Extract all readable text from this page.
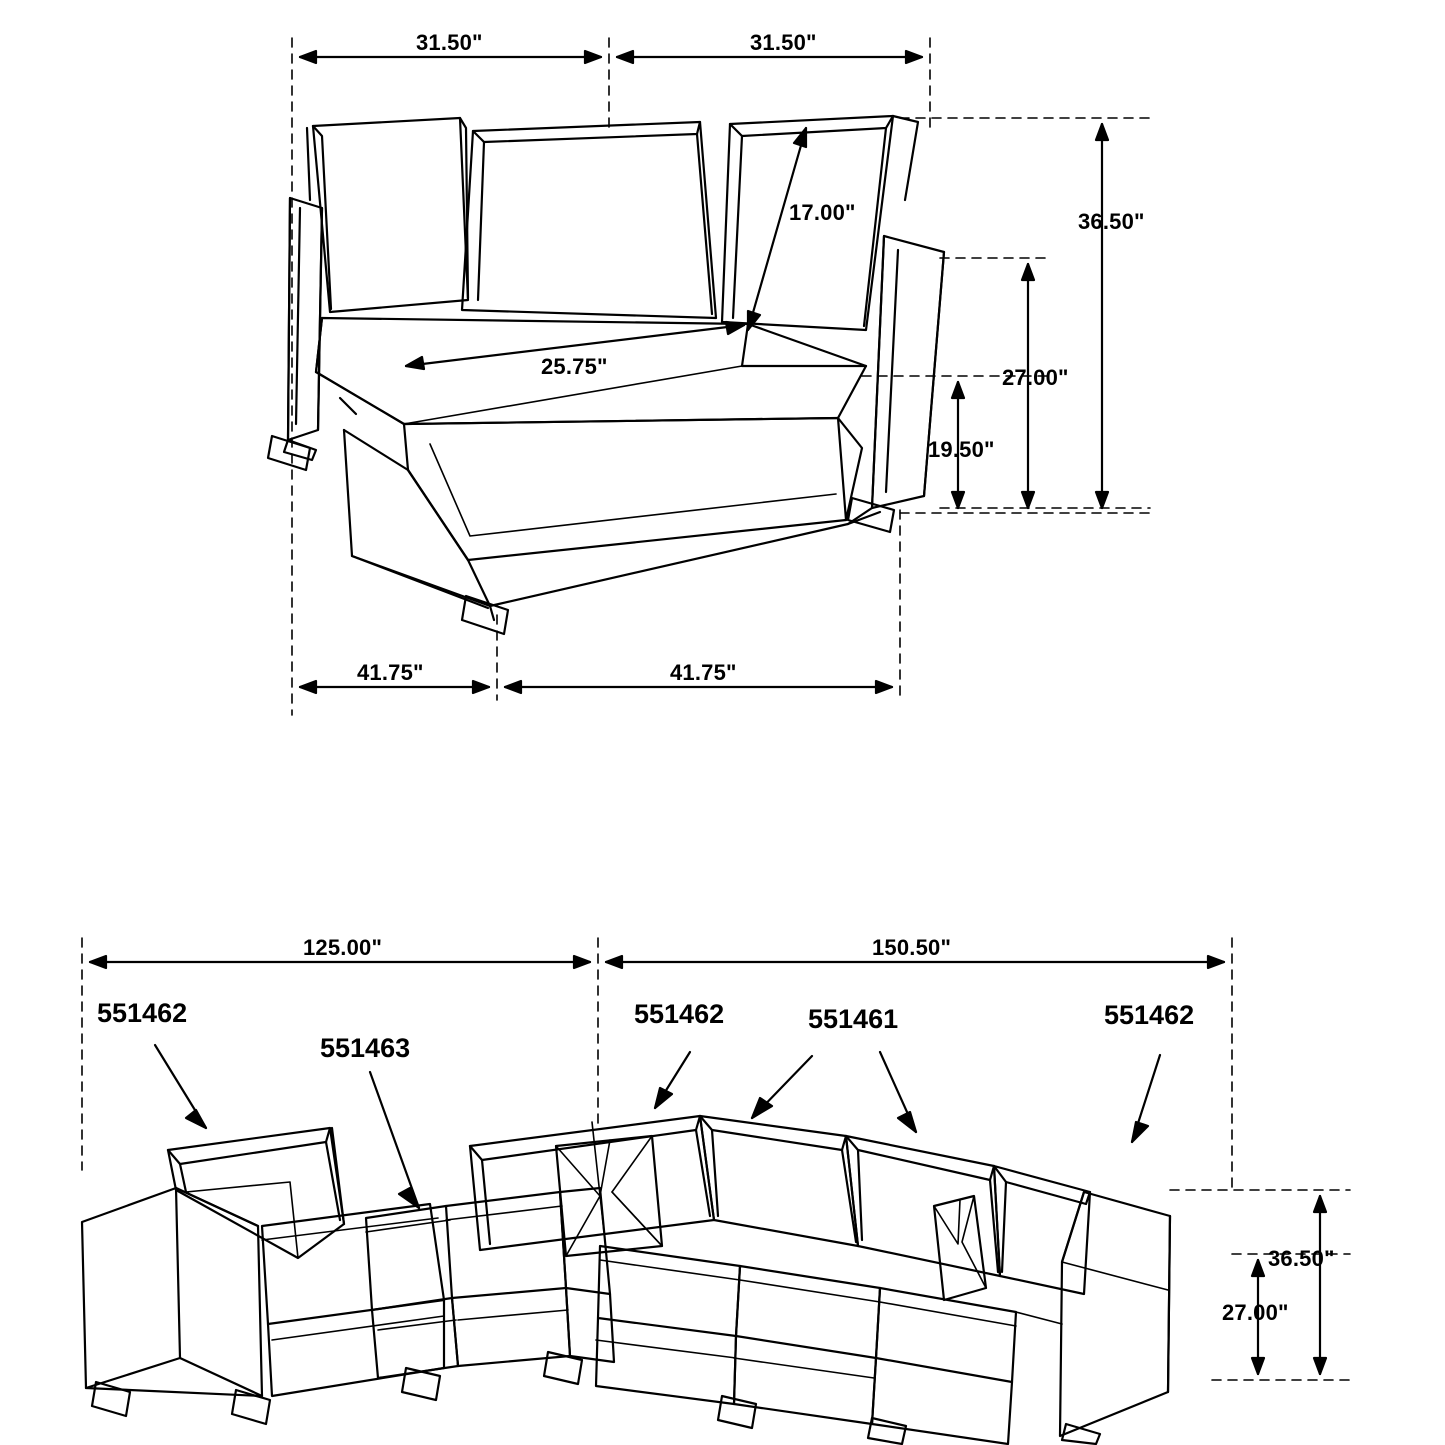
31.50"	31.50"
17.00"
25.75"
36.50"
27.00"
19.50"
41.75"	41.75"
125.00"	150.50"
36.50"
27.00"
551462
551463
551462	551461	551462
